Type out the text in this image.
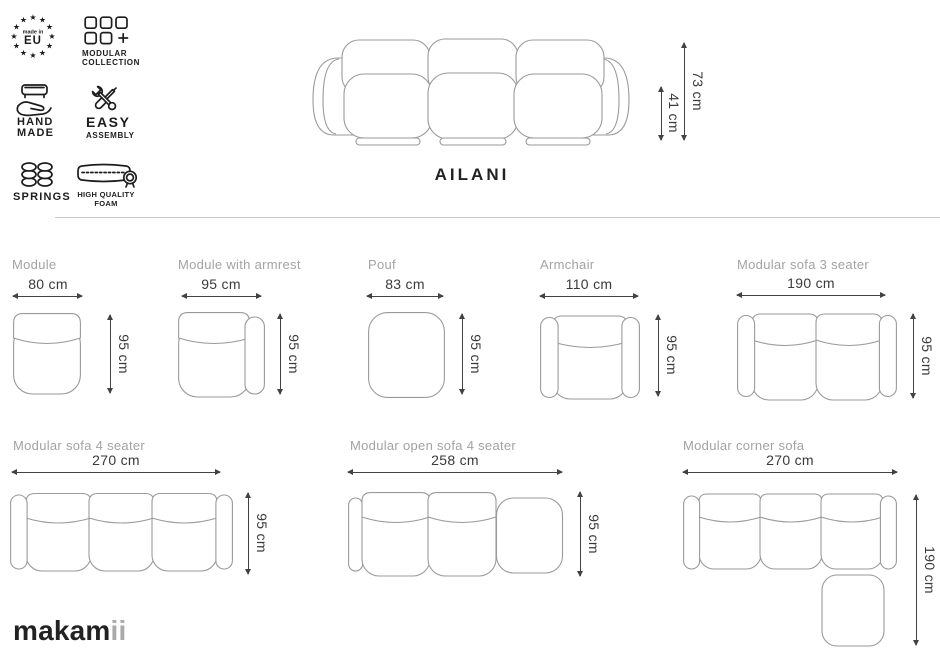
★ ★
★
★
★
★
★
★
★
★
★
★
made in
EU
MODULAR
COLLECTION
HAND
MADE
EASY
ASSEMBLY
SPRINGS HIGH QUALITY
FOAM
41 cm
73 cm
AILANI
Module
80 cm
95 cm
Module with armrest
95 cm
95 cm
Pouf
83 cm
95 cm
Armchair
110 cm
95 cm
Modular sofa 3 seater
190 cm
95 cm
Modular sofa 4 seater
270 cm
95 cm
Modular open sofa 4 seater
258 cm
95 cm
Modular corner sofa
270 cm
190 cm
makamii
